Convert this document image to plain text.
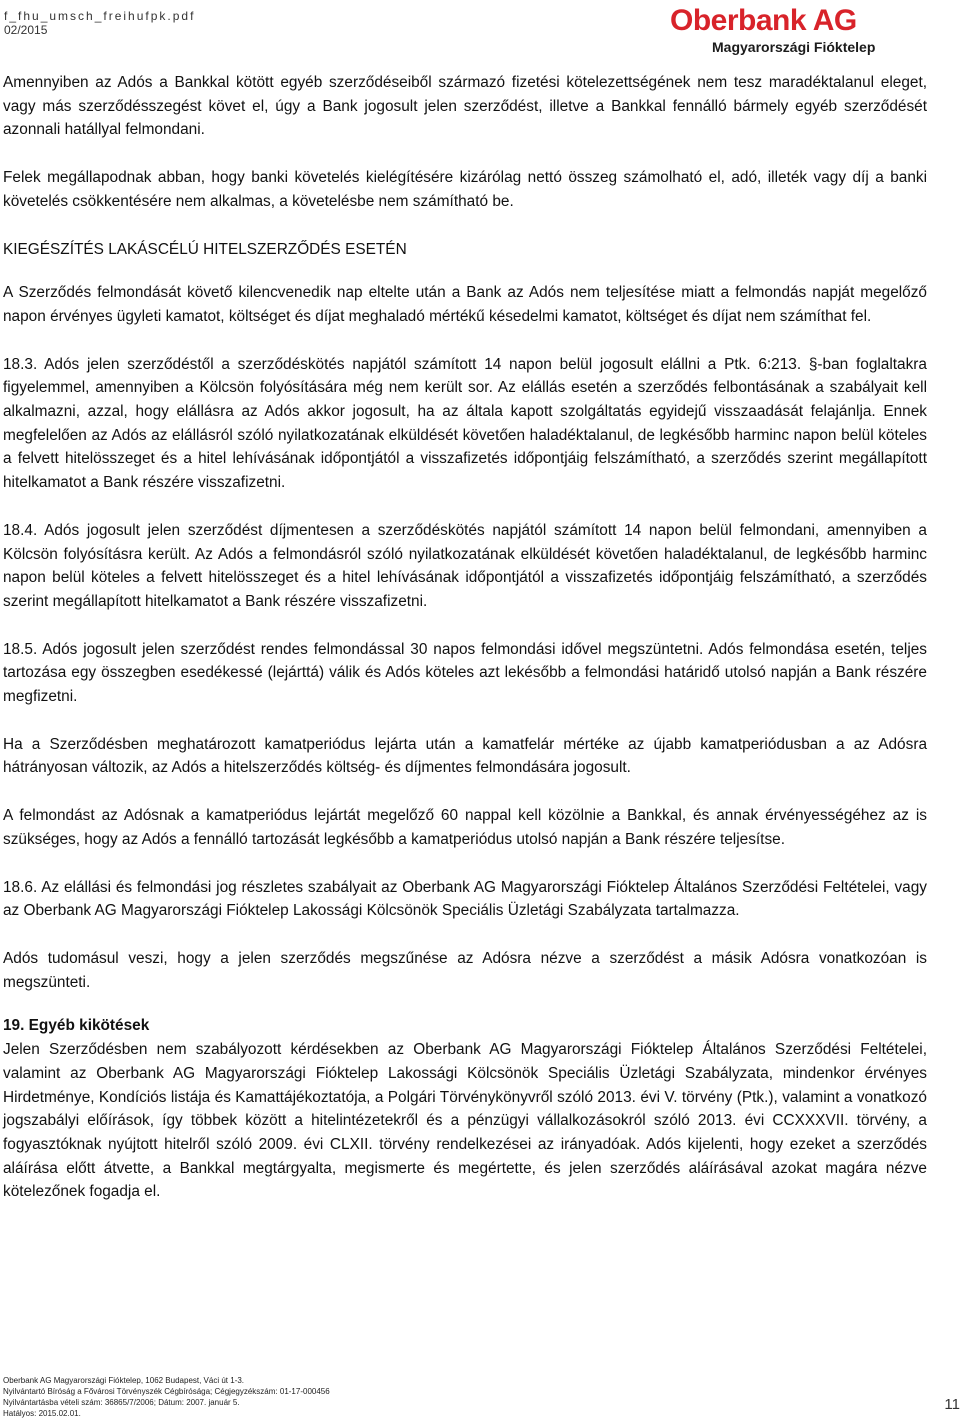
f_fhu_umsch_freihufpk.pdf
02/2015	Oberbank AG
Magyarországi Fióktelep

Amennyiben az Adós a Bankkal kötött egyéb szerződéseiből származó fizetési kötelezettségének nem tesz maradéktalanul eleget, vagy más szerződésszegést követ el, úgy a Bank jogosult jelen szerződést, illetve a Bankkal fennálló bármely egyéb szerződését azonnali hatállyal felmondani.

Felek megállapodnak abban, hogy banki követelés kielégítésére kizárólag nettó összeg számolható el, adó, illeték vagy díj a banki követelés csökkentésére nem alkalmas, a követelésbe nem számítható be.

KIEGÉSZÍTÉS LAKÁSCÉLÚ HITELSZERZŐDÉS ESETÉN

A Szerződés felmondását követő kilencvenedik nap eltelte után a Bank az Adós nem teljesítése miatt a felmondás napját megelőző napon érvényes ügyleti kamatot, költséget és díjat meghaladó mértékű késedelmi kamatot, költséget és díjat nem számíthat fel.

18.3. Adós jelen szerződéstől a szerződéskötés napjától számított 14 napon belül jogosult elállni a Ptk. 6:213. §-ban foglaltakra figyelemmel, amennyiben a Kölcsön folyósítására még nem került sor. Az elállás esetén a szerződés felbontásának a szabályait kell alkalmazni, azzal, hogy elállásra az Adós akkor jogosult, ha az általa kapott szolgáltatás egyidejű visszaadását felajánlja. Ennek megfelelően az Adós az elállásról szóló nyilatkozatának elküldését követően haladéktalanul, de legkésőbb harminc napon belül köteles a felvett hitelösszeget és a hitel lehívásának időpontjától a visszafizetés időpontjáig felszámítható, a szerződés szerint megállapított hitelkamatot a Bank részére visszafizetni.

18.4. Adós jogosult jelen szerződést díjmentesen a szerződéskötés napjától számított 14 napon belül felmondani, amennyiben a Kölcsön folyósításra került. Az Adós a felmondásról szóló nyilatkozatának elküldését követően haladéktalanul, de legkésőbb harminc napon belül köteles a felvett hitelösszeget és a hitel lehívásának időpontjától a visszafizetés időpontjáig felszámítható, a szerződés szerint megállapított hitelkamatot a Bank részére visszafizetni.

18.5. Adós jogosult jelen szerződést rendes felmondással 30 napos felmondási idővel megszüntetni. Adós felmondása esetén, teljes tartozása egy összegben esedékessé (lejárttá) válik és Adós köteles azt lekésőbb a felmondási határidő utolsó napján a Bank részére megfizetni.

Ha a Szerződésben meghatározott kamatperiódus lejárta után a kamatfelár mértéke az újabb kamatperiódusban a az Adósra hátrányosan változik, az Adós a hitelszerződés költség- és díjmentes felmondására jogosult.

A felmondást az Adósnak a kamatperiódus lejártát megelőző 60 nappal kell közölnie a Bankkal, és annak érvényességéhez az is szükséges, hogy az Adós a fennálló tartozását legkésőbb a kamatperiódus utolsó napján a Bank részére teljesítse.

18.6. Az elállási és felmondási jog részletes szabályait az Oberbank AG Magyarországi Fióktelep Általános Szerződési Feltételei, vagy az Oberbank AG Magyarországi Fióktelep Lakossági Kölcsönök Speciális Üzletági Szabályzata tartalmazza.

Adós tudomásul veszi, hogy a jelen szerződés megszűnése az Adósra nézve a szerződést a másik Adósra vonatkozóan is megszünteti.

19. Egyéb kikötések
Jelen Szerződésben nem szabályozott kérdésekben az Oberbank AG Magyarországi Fióktelep Általános Szerződési Feltételei, valamint az Oberbank AG Magyarországi Fióktelep Lakossági Kölcsönök Speciális Üzletági Szabályzata, mindenkor érvényes Hirdetménye, Kondíciós listája és Kamattájékoztatója, a Polgári Törvénykönyvről szóló 2013. évi V. törvény (Ptk.), valamint a vonatkozó jogszabályi előírások, így többek között a hitelintézetekről és a pénzügyi vállalkozásokról szóló 2013. évi CCXXXVII. törvény, a fogyasztóknak nyújtott hitelről szóló 2009. évi CLXII. törvény rendelkezései az irányadóak. Adós kijelenti, hogy ezeket a szerződés aláírása előtt átvette, a Bankkal megtárgyalta, megismerte és megértette, és jelen szerződés aláírásával azokat magára nézve kötelezőnek fogadja el.
Oberbank AG Magyarországi Fióktelep, 1062 Budapest, Váci út 1-3.
Nyilvántartó Bíróság a Fővárosi Törvényszék Cégbírósága; Cégjegyzékszám: 01-17-000456
Nyilvántartásba vételi szám: 36865/7/2006; Dátum: 2007. január 5.
Hatályos: 2015.02.01.
11
